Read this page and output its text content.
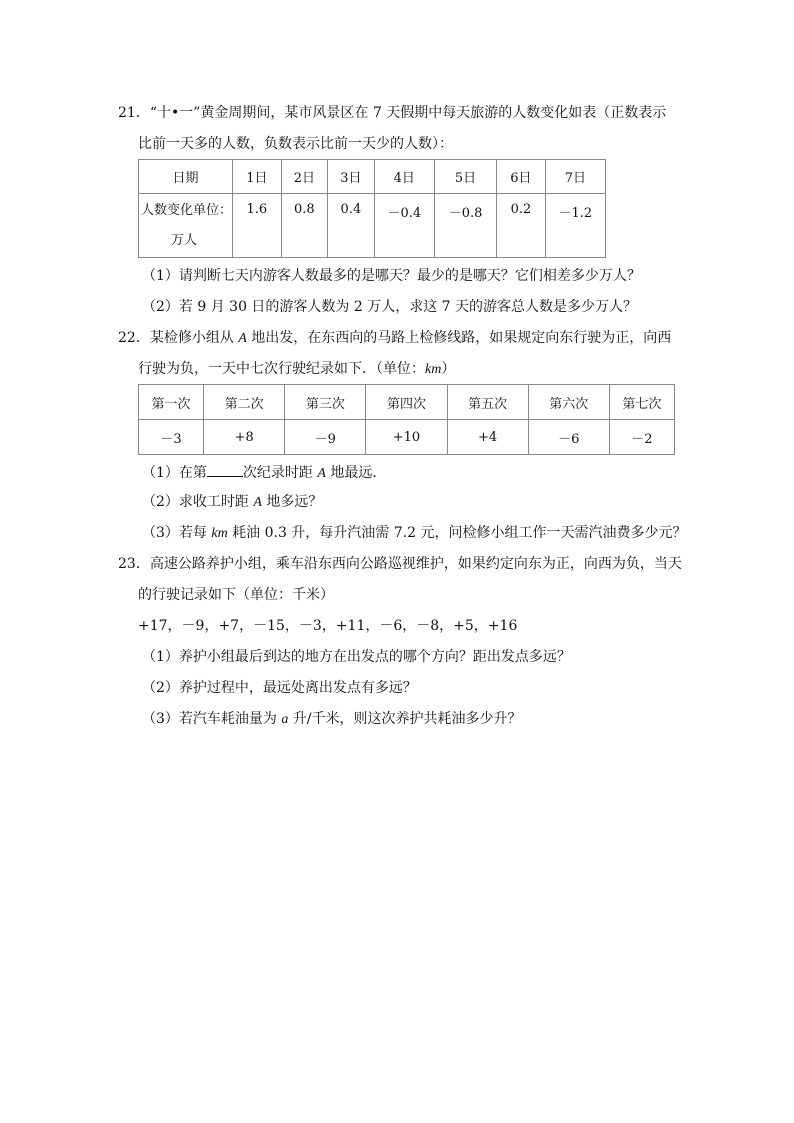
21．“十•一”黄金周期间，某市风景区在 7 天假期中每天旅游的人数变化如表（正数表示
比前一天多的人数，负数表示比前一天少的人数）：
日期	1日	2日	3日	4日	5日	6日	7日
人数变化单位：
万人	1.6	0.8	0.4	－0.4	－0.8	0.2	－1.2
（1）请判断七天内游客人数最多的是哪天？最少的是哪天？它们相差多少万人？
（2）若 9 月 30 日的游客人数为 2 万人，求这 7 天的游客总人数是多少万人？
22．某检修小组从 A 地出发，在东西向的马路上检修线路，如果规定向东行驶为正，向西
行驶为负，一天中七次行驶纪录如下．（单位：km）
第一次	第二次	第三次	第四次	第五次	第六次	第七次
－3	+8	－9	+10	+4	－6	－2
（1）在第	次纪录时距 A 地最远．
（2）求收工时距 A 地多远？
（3）若每 km 耗油 0.3 升，每升汽油需 7.2 元，问检修小组工作一天需汽油费多少元？
23．高速公路养护小组，乘车沿东西向公路巡视维护，如果约定向东为正，向西为负，当天
的行驶记录如下（单位：千米）
+17，－9，+7，－15，－3，+11，－6，－8，+5，+16
（1）养护小组最后到达的地方在出发点的哪个方向？距出发点多远？
（2）养护过程中，最远处离出发点有多远？
（3）若汽车耗油量为 a 升/千米，则这次养护共耗油多少升？
